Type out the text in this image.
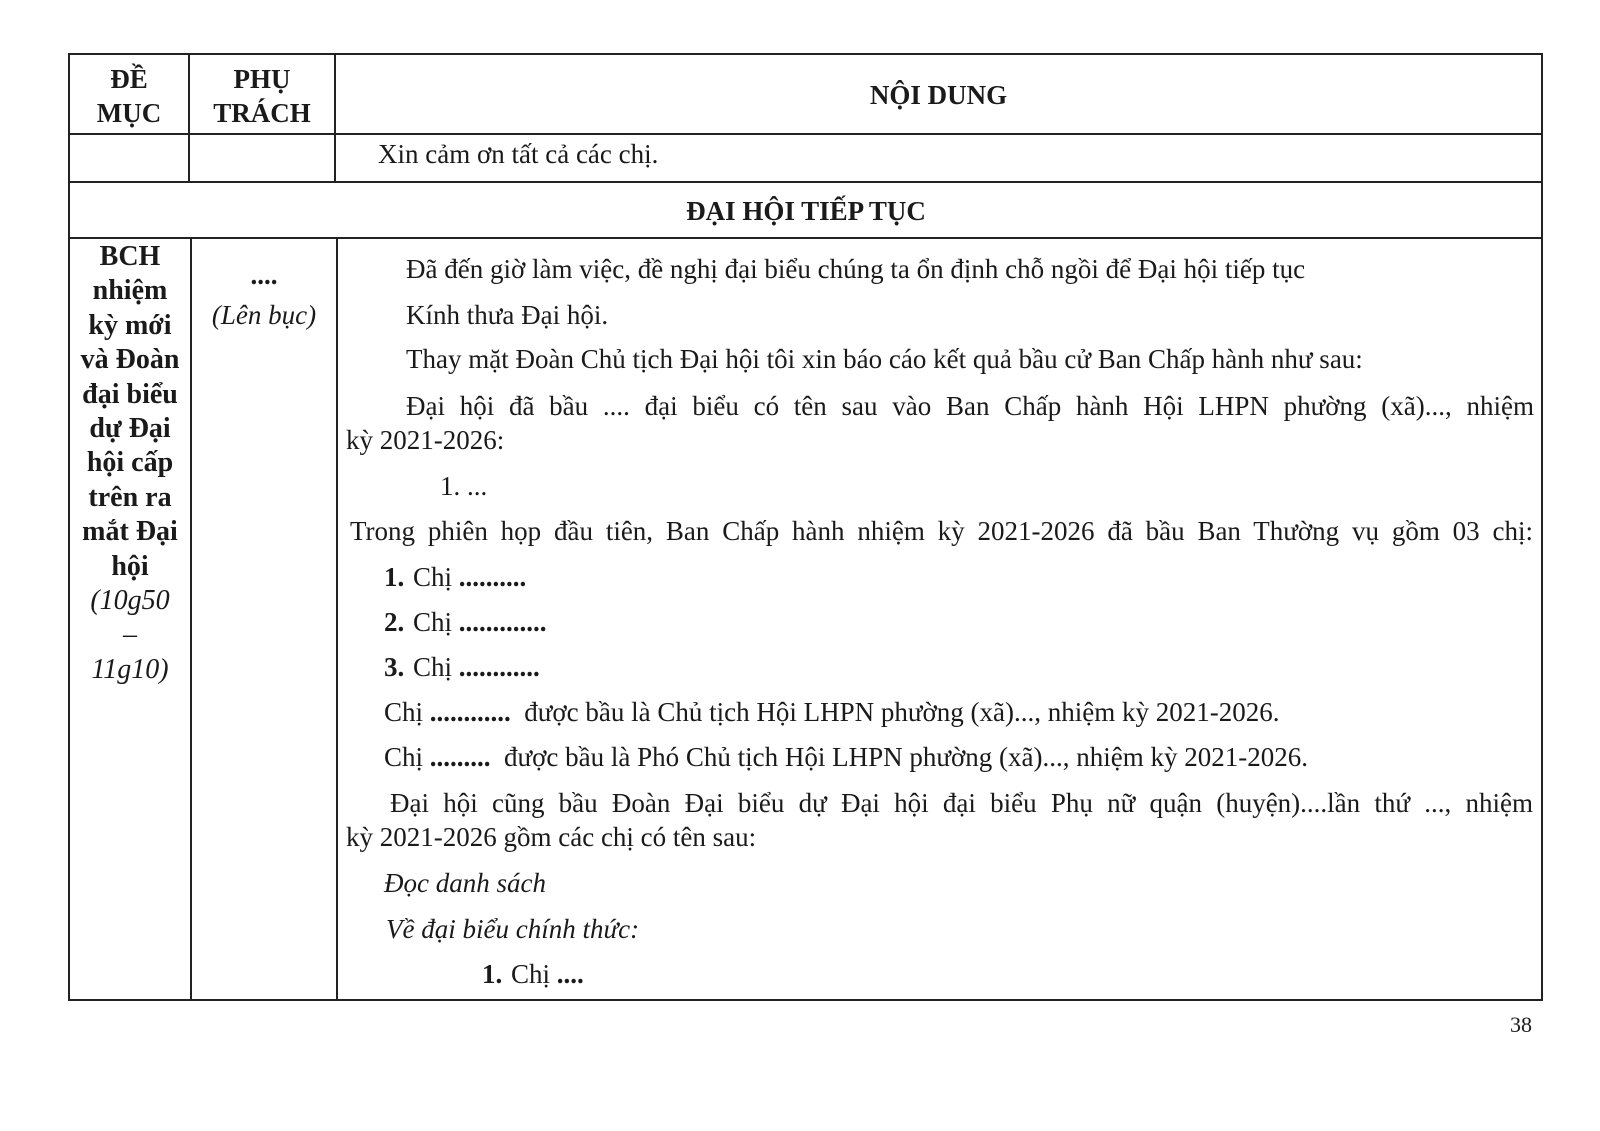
ĐỀ
MỤC
PHỤ
TRÁCH
NỘI DUNG
Xin cảm ơn tất cả các chị.
ĐẠI HỘI TIẾP TỤC
BCH nhiệm kỳ mới và Đoàn đại biểu dự Đại hội cấp trên ra mắt Đại hội
(10g50
–
11g10)
....
(Lên bục)
Đã đến giờ làm việc, đề nghị đại biểu chúng ta ổn định chỗ ngồi để Đại hội tiếp tục
Kính thưa Đại hội.
Thay mặt Đoàn Chủ tịch Đại hội tôi xin báo cáo kết quả bầu cử Ban Chấp hành như sau:
Đại hội đã bầu .... đại biểu có tên sau vào Ban Chấp hành Hội LHPN phường (xã)..., nhiệm
kỳ 2021-2026:
1. ...
Trong phiên họp đầu tiên, Ban Chấp hành nhiệm kỳ 2021-2026 đã bầu Ban Thường vụ gồm 03 chị:
1. Chị ..........
2. Chị .............
3. Chị ............
Chị ............  được bầu là Chủ tịch Hội LHPN phường (xã)..., nhiệm kỳ 2021-2026.
Chị .........  được bầu là Phó Chủ tịch Hội LHPN phường (xã)..., nhiệm kỳ 2021-2026.
Đại hội cũng bầu Đoàn Đại biểu dự Đại hội đại biểu Phụ nữ quận (huyện)....lần thứ ..., nhiệm
kỳ 2021-2026 gồm các chị có tên sau:
Đọc danh sách
Về đại biểu chính thức:
1. Chị ....
38
